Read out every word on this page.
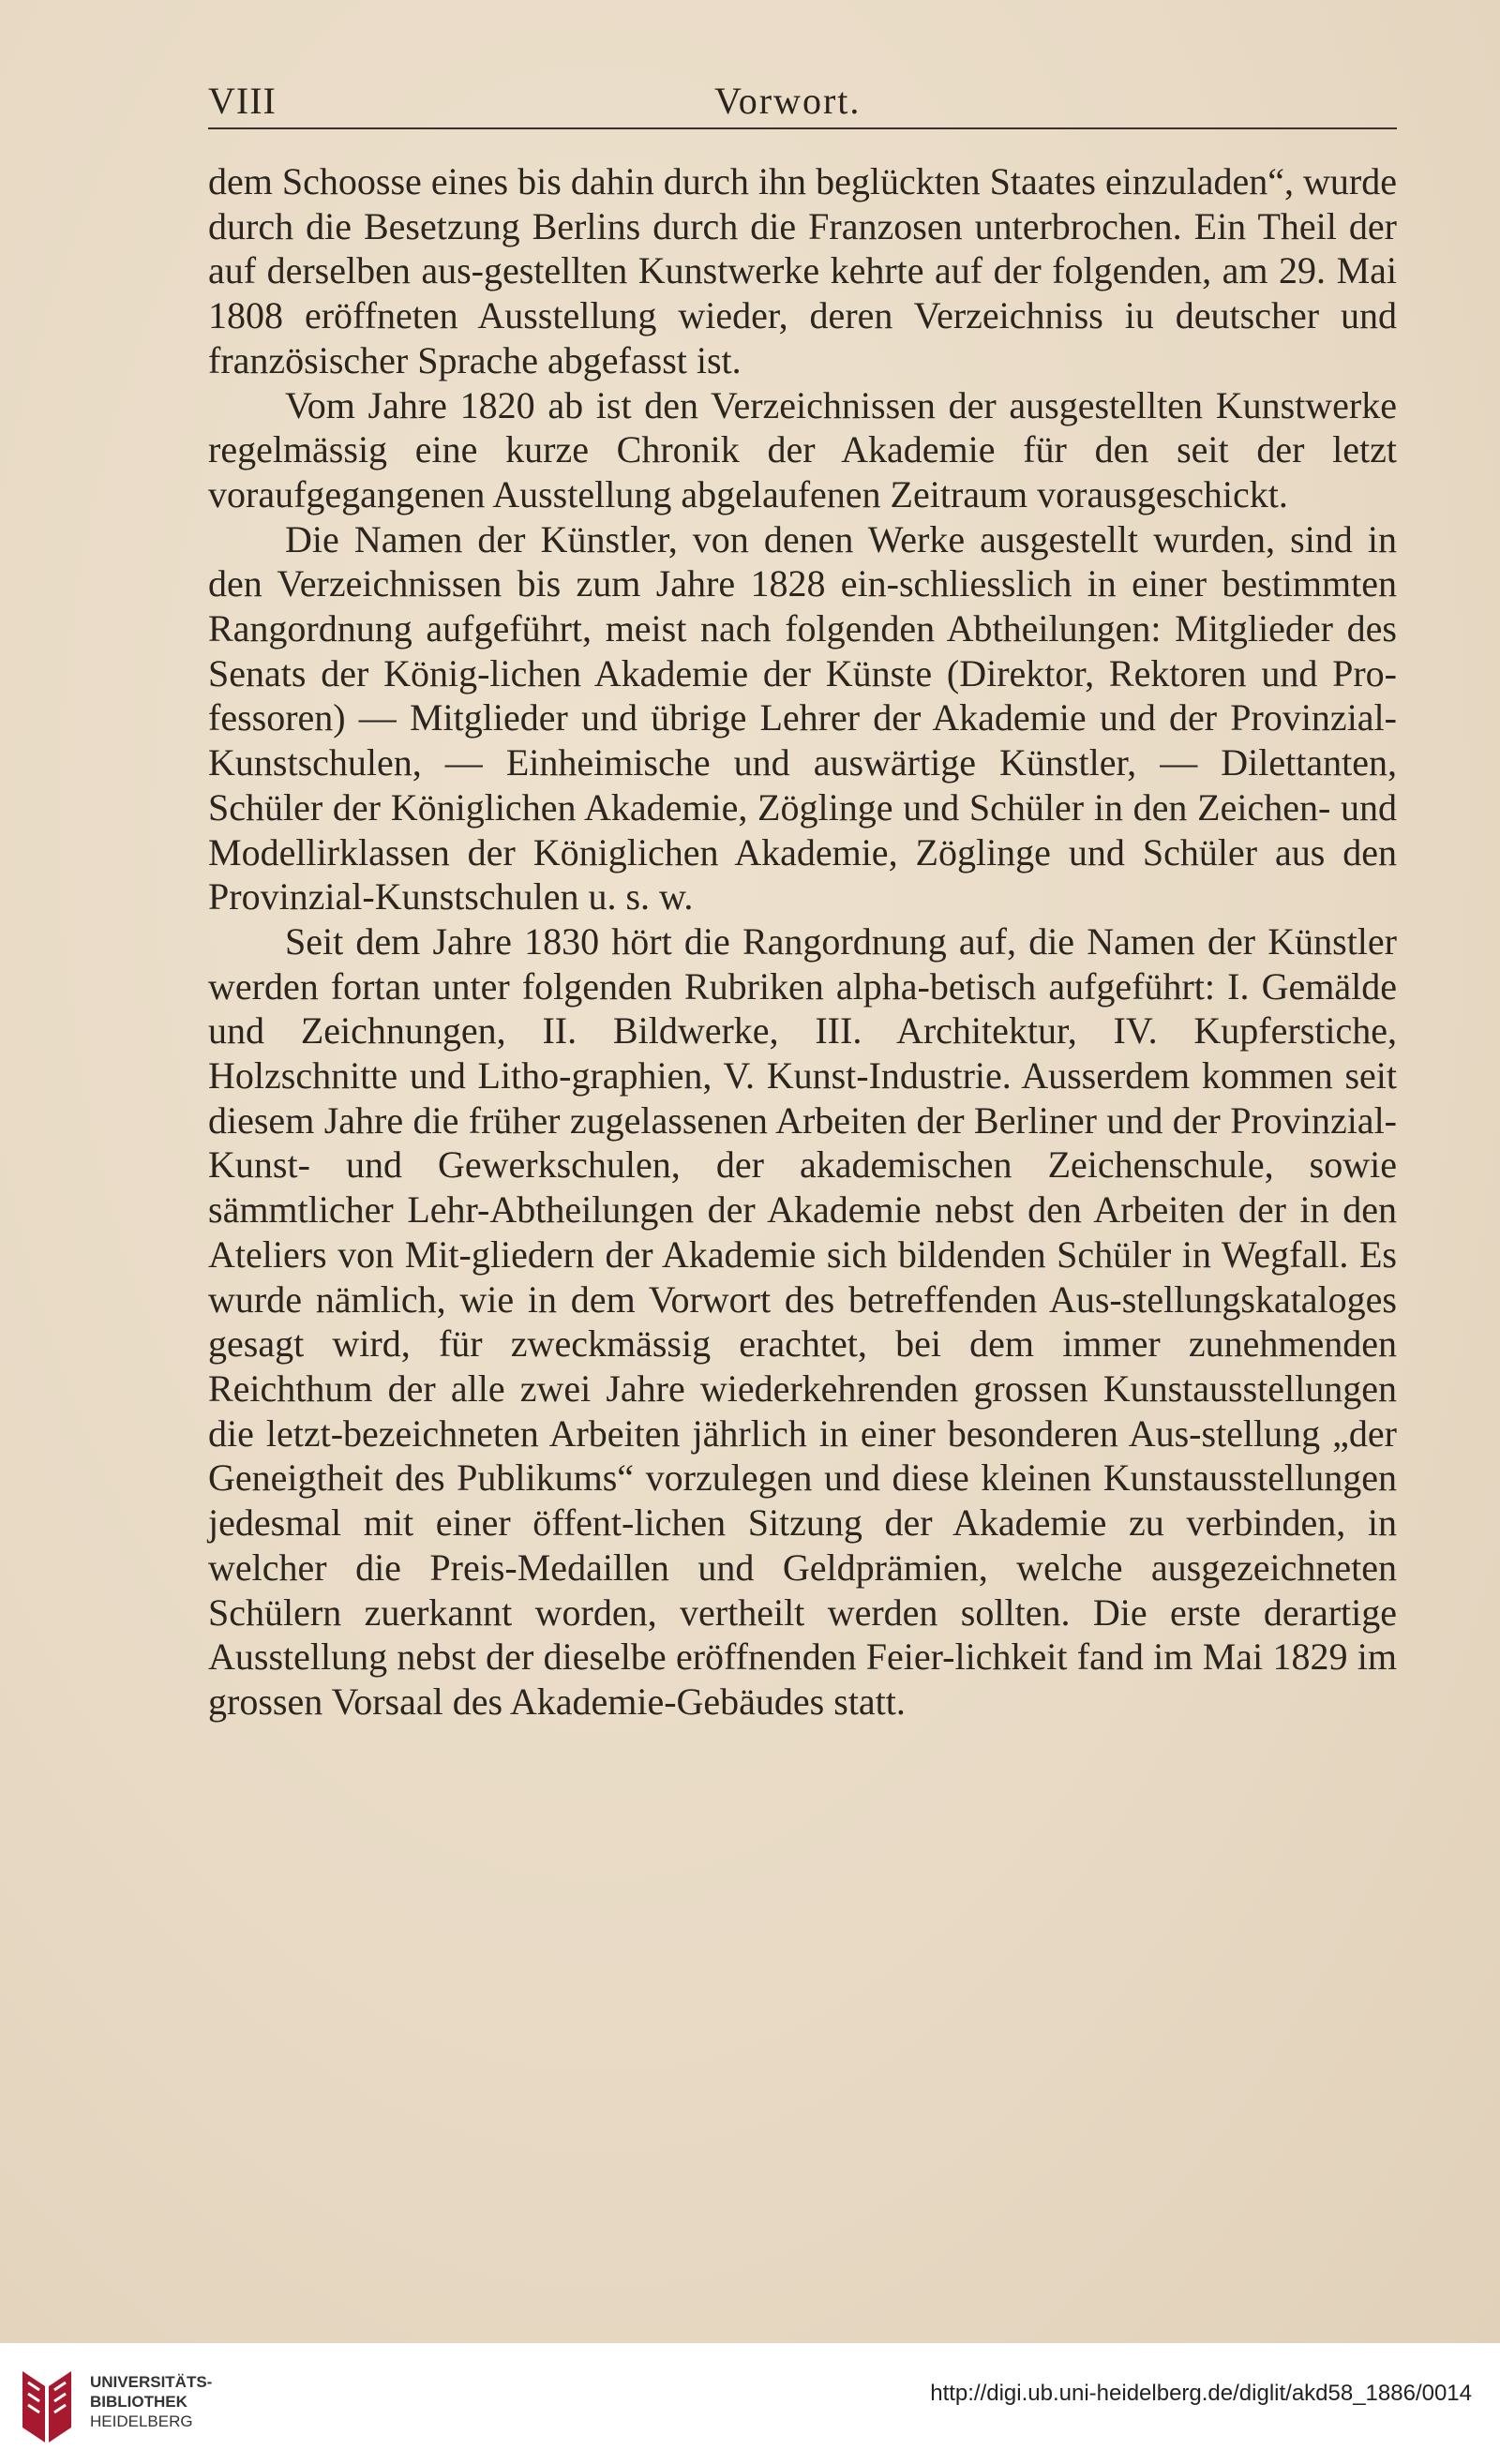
VIII	Vorwort.

dem Schoosse eines bis dahin durch ihn beglückten Staates einzuladen“, wurde durch die Besetzung Berlins durch die Franzosen unterbrochen. Ein Theil der auf derselben aus-gestellten Kunstwerke kehrte auf der folgenden, am 29. Mai 1808 eröffneten Ausstellung wieder, deren Verzeichniss iu deutscher und französischer Sprache abgefasst ist.

Vom Jahre 1820 ab ist den Verzeichnissen der ausgestellten Kunstwerke regelmässig eine kurze Chronik der Akademie für den seit der letzt voraufgegangenen Ausstellung abgelaufenen Zeitraum vorausgeschickt.

Die Namen der Künstler, von denen Werke ausgestellt wurden, sind in den Verzeichnissen bis zum Jahre 1828 ein-schliesslich in einer bestimmten Rangordnung aufgeführt, meist nach folgenden Abtheilungen: Mitglieder des Senats der König-lichen Akademie der Künste (Direktor, Rektoren und Pro-fessoren) — Mitglieder und übrige Lehrer der Akademie und der Provinzial-Kunstschulen, — Einheimische und auswärtige Künstler, — Dilettanten, Schüler der Königlichen Akademie, Zöglinge und Schüler in den Zeichen- und Modellirklassen der Königlichen Akademie, Zöglinge und Schüler aus den Provinzial-Kunstschulen u. s. w.

Seit dem Jahre 1830 hört die Rangordnung auf, die Namen der Künstler werden fortan unter folgenden Rubriken alpha-betisch aufgeführt: I. Gemälde und Zeichnungen, II. Bildwerke, III. Architektur, IV. Kupferstiche, Holzschnitte und Litho-graphien, V. Kunst-Industrie. Ausserdem kommen seit diesem Jahre die früher zugelassenen Arbeiten der Berliner und der Provinzial-Kunst- und Gewerkschulen, der akademischen Zeichenschule, sowie sämmtlicher Lehr-Abtheilungen der Akademie nebst den Arbeiten der in den Ateliers von Mit-gliedern der Akademie sich bildenden Schüler in Wegfall. Es wurde nämlich, wie in dem Vorwort des betreffenden Aus-stellungskataloges gesagt wird, für zweckmässig erachtet, bei dem immer zunehmenden Reichthum der alle zwei Jahre wiederkehrenden grossen Kunstausstellungen die letzt-bezeichneten Arbeiten jährlich in einer besonderen Aus-stellung „der Geneigtheit des Publikums“ vorzulegen und diese kleinen Kunstausstellungen jedesmal mit einer öffent-lichen Sitzung der Akademie zu verbinden, in welcher die Preis-Medaillen und Geldprämien, welche ausgezeichneten Schülern zuerkannt worden, vertheilt werden sollten. Die erste derartige Ausstellung nebst der dieselbe eröffnenden Feier-lichkeit fand im Mai 1829 im grossen Vorsaal des Akademie-Gebäudes statt.

UNIVERSITÄTS-
BIBLIOTHEK
HEIDELBERG
http://digi.ub.uni-heidelberg.de/diglit/akd58_1886/0014
